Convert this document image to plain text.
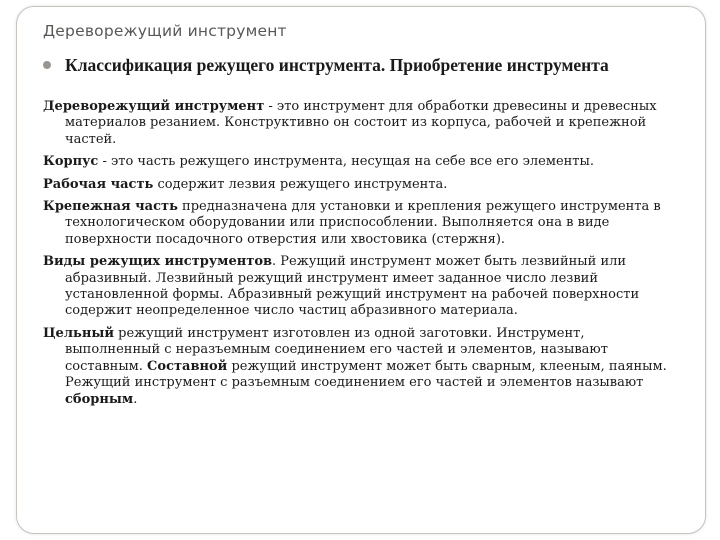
Дереворежущий инструмент
Классификация режущего инструмента. Приобретение инструмента

Дереворежущий инструмент - это инструмент для обработки древесины и древесных материалов резанием. Конструктивно он состоит из корпуса, рабочей и крепежной частей.

Корпус - это часть режущего инструмента, несущая на себе все его элементы.

Рабочая часть содержит лезвия режущего инструмента.

Крепежная часть предназначена для установки и крепления режущего инструмента в технологическом оборудовании или приспособлении. Выполняется она в виде поверхности посадочного отверстия или хвостовика (стержня).

Виды режущих инструментов. Режущий инструмент может быть лезвийный или абразивный. Лезвийный режущий инструмент имеет заданное число лезвий установленной формы. Абразивный режущий инструмент на рабочей поверхности содержит неопределенное число частиц абразивного материала.

Цельный режущий инструмент изготовлен из одной заготовки. Инструмент, выполненный с неразъемным соединением его частей и элементов, называют составным. Составной режущий инструмент может быть сварным, клееным, паяным. Режущий инструмент с разъемным соединением его частей и элементов называют сборным.
